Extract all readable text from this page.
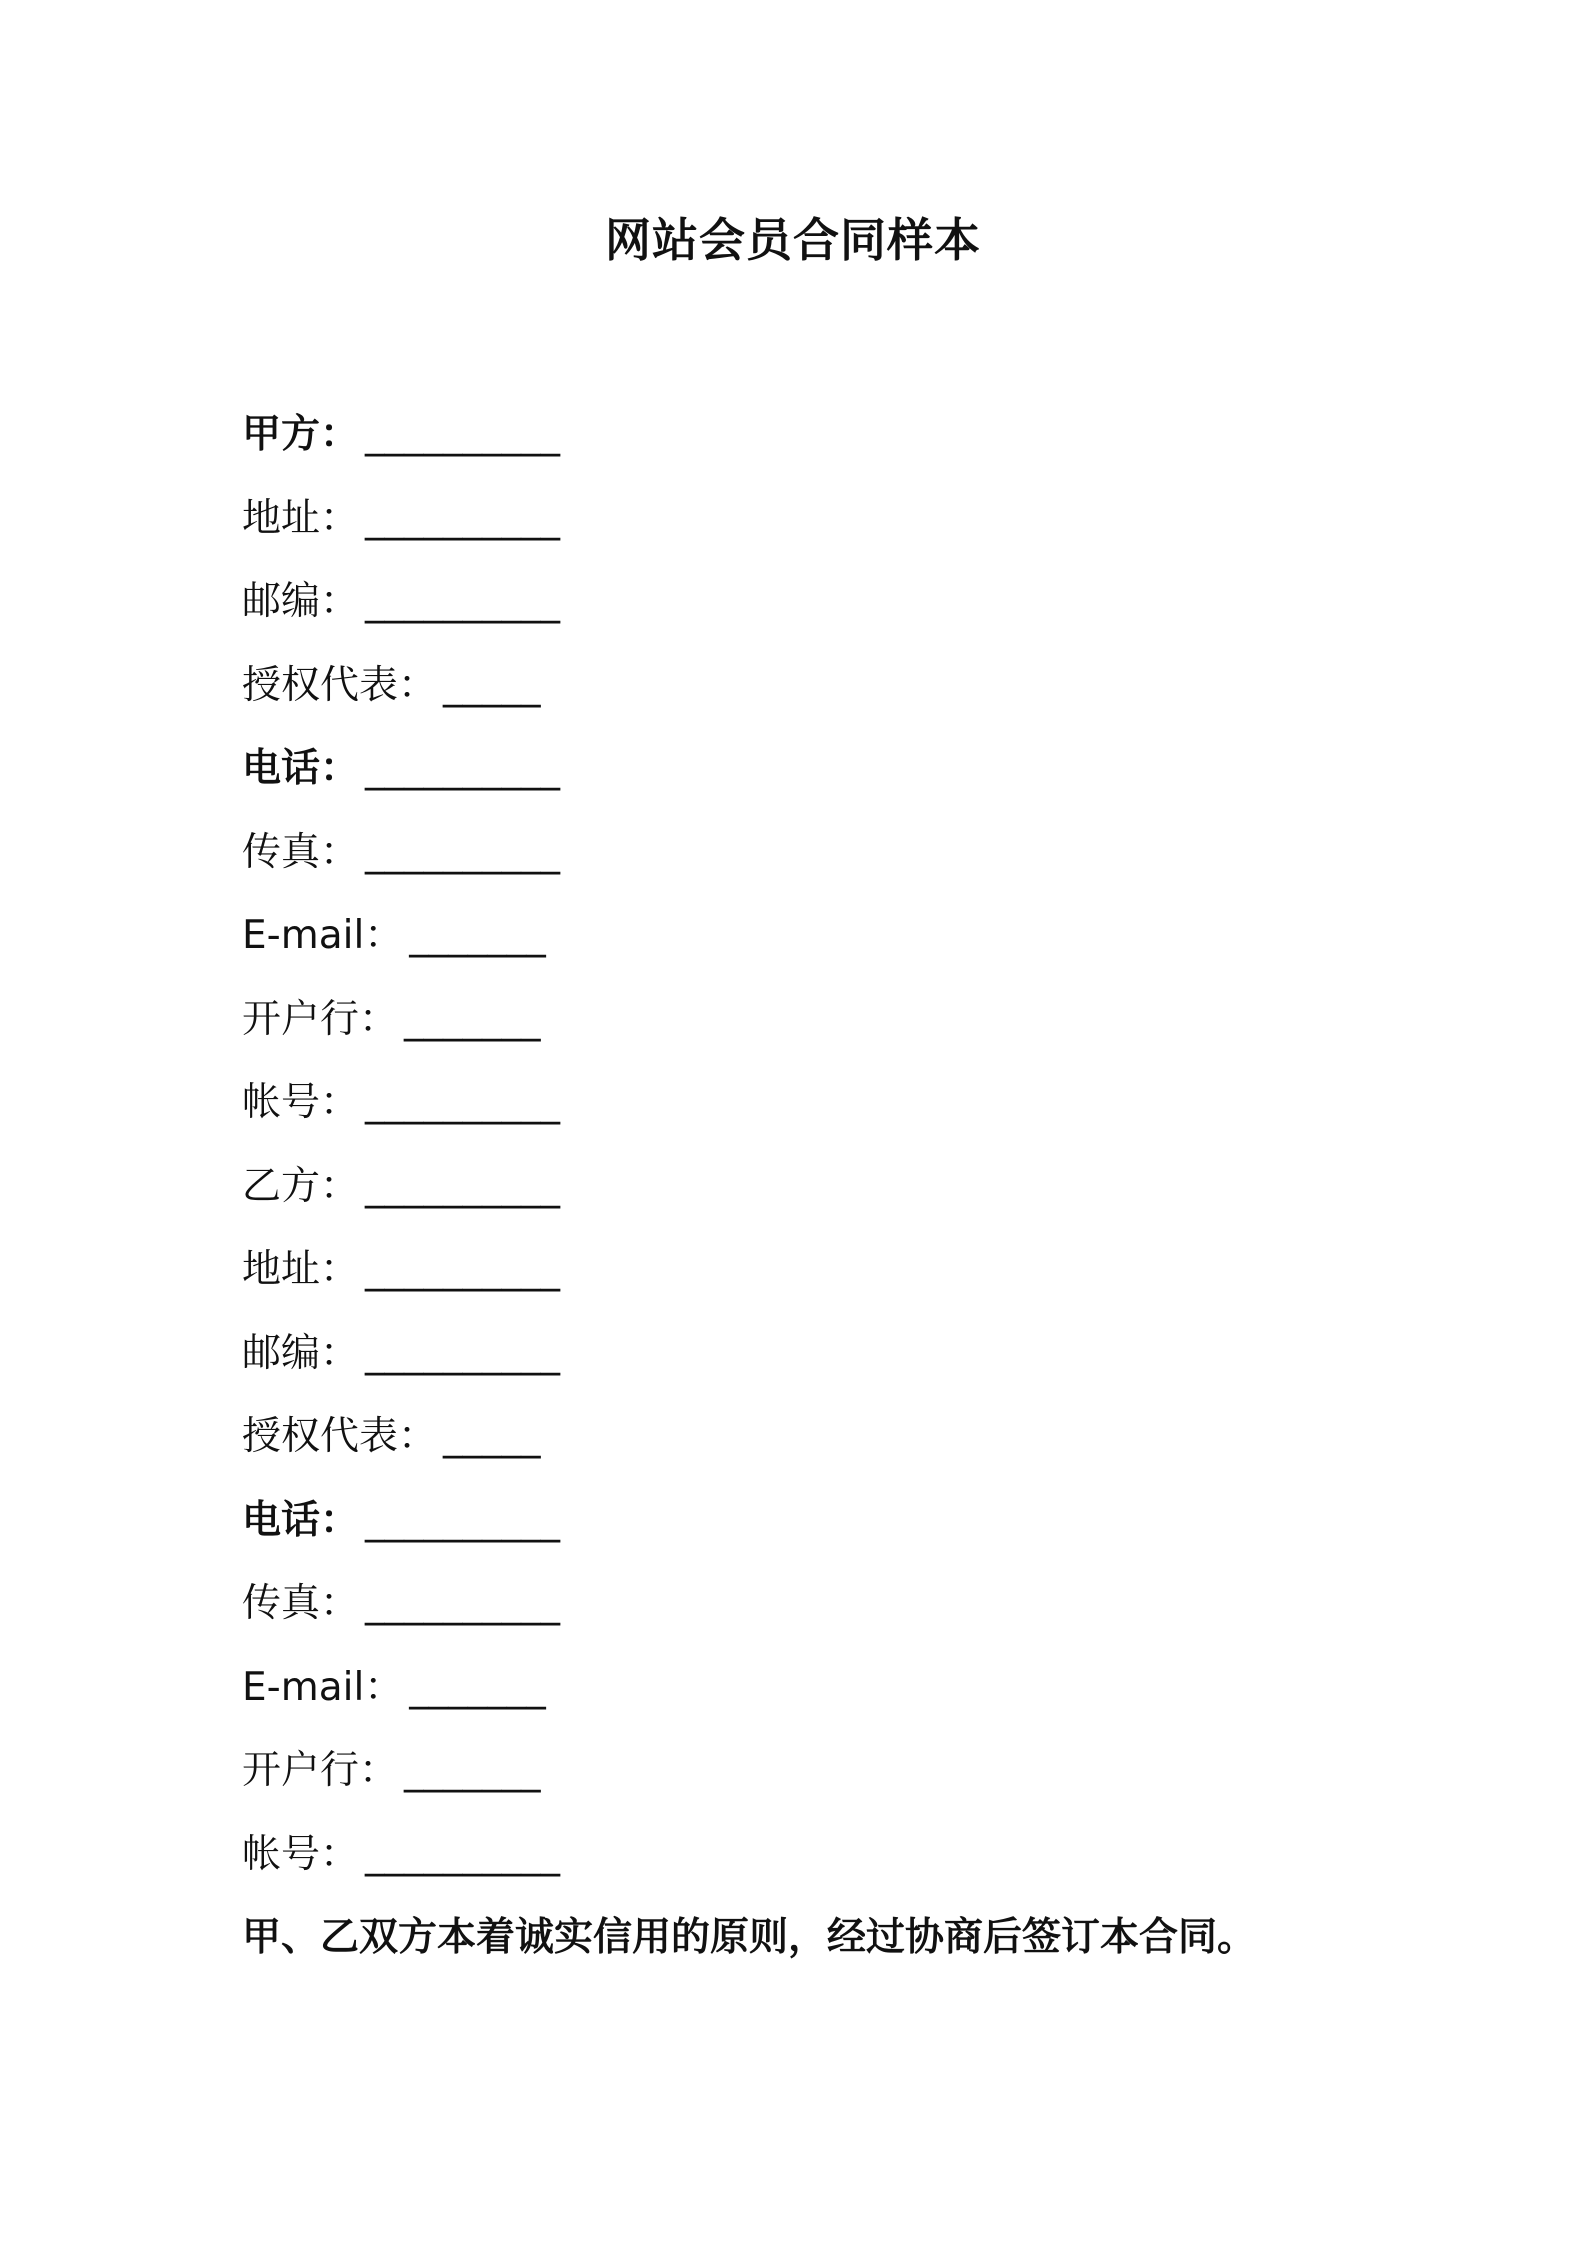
网站会员合同样本
甲方： __________
地址： __________
邮编： __________
授权代表： _____
电话： __________
传真： __________
E-mail： _______
开户行： _______
帐号： __________
乙方： __________
地址： __________
邮编： __________
授权代表： _____
电话： __________
传真： __________
E-mail： _______
开户行： _______
帐号： __________
甲、乙双方本着诚实信用的原则，经过协商后签订本合同。
